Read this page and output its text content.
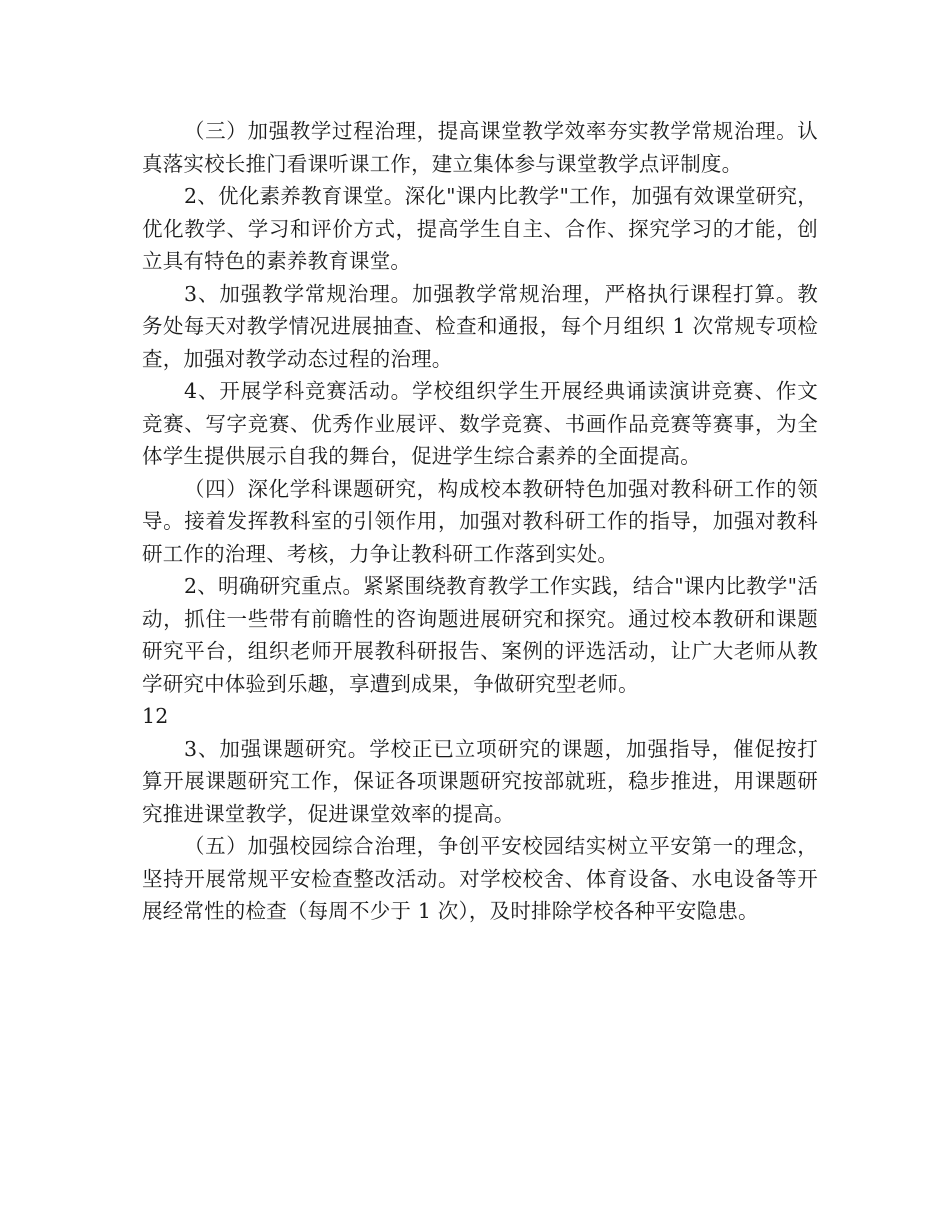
（三）加强教学过程治理，提高课堂教学效率夯实教学常规治理。认真落实校长推门看课听课工作，建立集体参与课堂教学点评制度。

2、优化素养教育课堂。深化"课内比教学"工作，加强有效课堂研究，优化教学、学习和评价方式，提高学生自主、合作、探究学习的才能，创立具有特色的素养教育课堂。

3、加强教学常规治理。加强教学常规治理，严格执行课程打算。教务处每天对教学情况进展抽查、检查和通报，每个月组织 1 次常规专项检查，加强对教学动态过程的治理。

4、开展学科竞赛活动。学校组织学生开展经典诵读演讲竞赛、作文竞赛、写字竞赛、优秀作业展评、数学竞赛、书画作品竞赛等赛事，为全体学生提供展示自我的舞台，促进学生综合素养的全面提高。

（四）深化学科课题研究，构成校本教研特色加强对教科研工作的领导。接着发挥教科室的引领作用，加强对教科研工作的指导，加强对教科研工作的治理、考核，力争让教科研工作落到实处。

2、明确研究重点。紧紧围绕教育教学工作实践，结合"课内比教学"活动，抓住一些带有前瞻性的咨询题进展研究和探究。通过校本教研和课题研究平台，组织老师开展教科研报告、案例的评选活动，让广大老师从教学研究中体验到乐趣，享遭到成果，争做研究型老师。

12

3、加强课题研究。学校正已立项研究的课题，加强指导，催促按打算开展课题研究工作，保证各项课题研究按部就班，稳步推进，用课题研究推进课堂教学，促进课堂效率的提高。

（五）加强校园综合治理，争创平安校园结实树立平安第一的理念，坚持开展常规平安检查整改活动。对学校校舍、体育设备、水电设备等开展经常性的检查（每周不少于 1 次），及时排除学校各种平安隐患。
